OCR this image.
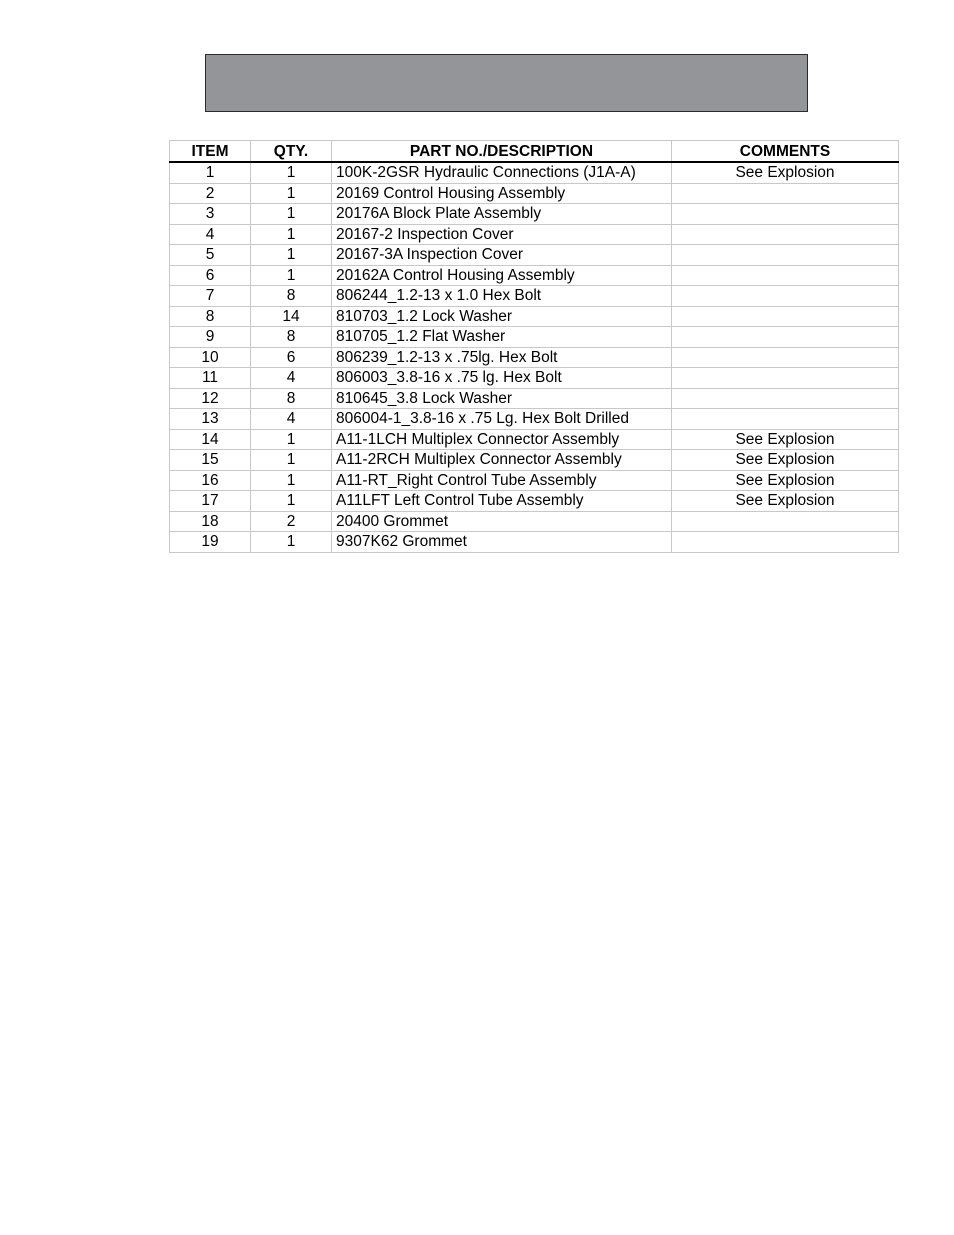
ITEM	QTY.	PART NO./DESCRIPTION	COMMENTS
1	1	100K-2GSR Hydraulic Connections (J1A-A)	See Explosion
2	1	20169 Control Housing Assembly	
3	1	20176A Block Plate Assembly	
4	1	20167-2 Inspection Cover	
5	1	20167-3A Inspection Cover	
6	1	20162A Control Housing Assembly	
7	8	806244_1.2-13 x 1.0 Hex Bolt	
8	14	810703_1.2 Lock Washer	
9	8	810705_1.2 Flat Washer	
10	6	806239_1.2-13 x .75lg. Hex Bolt	
11	4	806003_3.8-16 x .75 lg. Hex Bolt	
12	8	810645_3.8 Lock Washer	
13	4	806004-1_3.8-16 x .75 Lg. Hex Bolt Drilled	
14	1	A11-1LCH Multiplex Connector Assembly	See Explosion
15	1	A11-2RCH Multiplex Connector Assembly	See Explosion
16	1	A11-RT_Right Control Tube Assembly	See Explosion
17	1	A11LFT Left Control Tube Assembly	See Explosion
18	2	20400 Grommet	
19	1	9307K62 Grommet	
